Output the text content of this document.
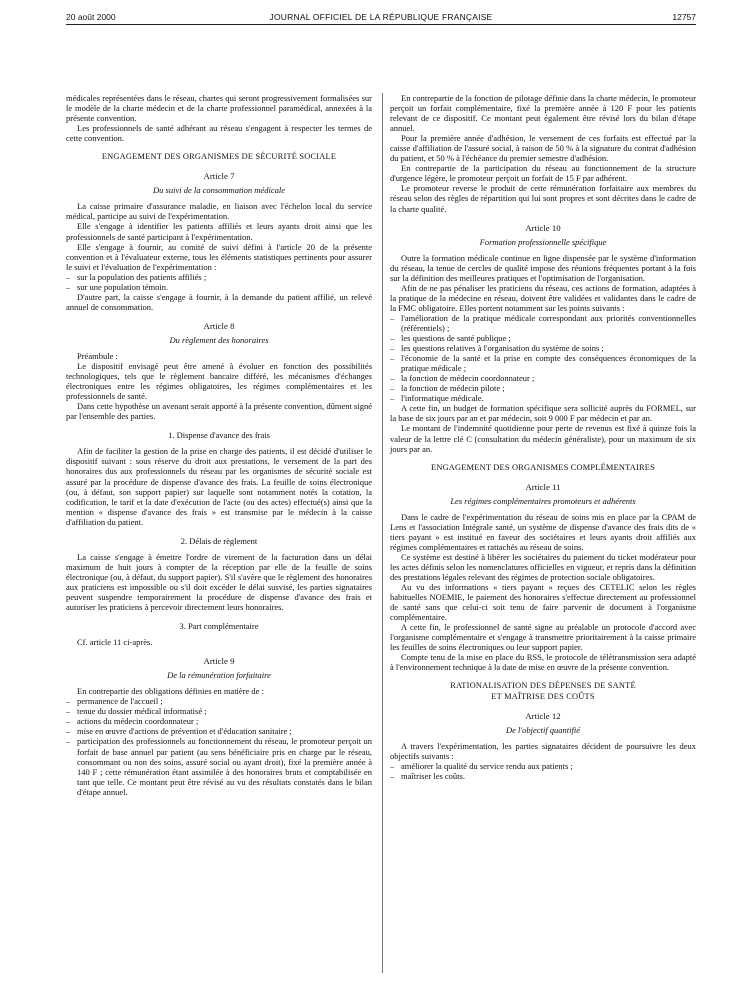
20 août 2000	JOURNAL OFFICIEL DE LA RÉPUBLIQUE FRANÇAISE	12757

médicales représentées dans le réseau, chartes qui seront progressivement formalisées sur le modèle de la charte médecin et de la charte professionnel paramédical, annexées à la présente convention.

Les professionnels de santé adhérant au réseau s'engagent à respecter les termes de cette convention.

ENGAGEMENT DES ORGANISMES DE SÉCURITÉ SOCIALE
Article 7
Du suivi de la consommation médicale

La caisse primaire d'assurance maladie, en liaison avec l'échelon local du service médical, participe au suivi de l'expérimentation.

Elle s'engage à identifier les patients affiliés et leurs ayants droit ainsi que les professionnels de santé participant à l'expérimentation.

Elle s'engage à fournir, au comité de suivi défini à l'article 20 de la présente convention et à l'évaluateur externe, tous les éléments statistiques pertinents pour assurer le suivi et l'évaluation de l'expérimentation :

– sur la population des patients affiliés ;
– sur une population témoin.

D'autre part, la caisse s'engage à fournir, à la demande du patient affilié, un relevé annuel de consommation.

Article 8
Du règlement des honoraires

Préambule :

Le dispositif envisagé peut être amené à évoluer en fonction des possibilités technologiques, tels que le règlement bancaire différé, les mécanismes d'échanges électroniques entre les régimes obligatoires, les régimes complémentaires et les professionnels de santé.

Dans cette hypothèse un avenant serait apporté à la présente convention, dûment signé par l'ensemble des parties.

1. Dispense d'avance des frais

Afin de faciliter la gestion de la prise en charge des patients, il est décidé d'utiliser le dispositif suivant : sous réserve du droit aux prestations, le versement de la part des honoraires dus aux professionnels du réseau par les organismes de sécurité sociale est assuré par la procédure de dispense d'avance des frais. La feuille de soins électronique (ou, à défaut, son support papier) sur laquelle sont notamment notés la cotation, la codification, le tarif et la date d'exécution de l'acte (ou des actes) effectué(s) ainsi que la mention « dispense d'avance des frais » est transmise par le médecin à la caisse d'affiliation du patient.

2. Délais de règlement

La caisse s'engage à émettre l'ordre de virement de la facturation dans un délai maximum de huit jours à compter de la réception par elle de la feuille de soins électronique (ou, à défaut, du support papier). S'il s'avère que le règlement des honoraires aux praticiens est impossible ou s'il doit excéder le délai susvisé, les parties signataires peuvent suspendre temporairement la procédure de dispense d'avance des frais et autoriser les praticiens à percevoir directement leurs honoraires.

3. Part complémentaire

Cf. article 11 ci-après.

Article 9
De la rémunération forfaitaire

En contrepartie des obligations définies en matière de :

– permanence de l'accueil ;
– tenue du dossier médical informatisé ;
– actions du médecin coordonnateur ;
– mise en œuvre d'actions de prévention et d'éducation sanitaire ;
– participation des professionnels au fonctionnement du réseau, le promoteur perçoit un forfait de base annuel par patient (au sens bénéficiaire pris en charge par le réseau, consommant ou non des soins, assuré social ou ayant droit), fixé la première année à 140 F ; cette rémunération étant assimilée à des honoraires bruts et comptabilisée en tant que telle. Ce montant peut être révisé au vu des résultats constatés dans le bilan d'étape annuel.

En contrepartie de la fonction de pilotage définie dans la charte médecin, le promoteur perçoit un forfait complémentaire, fixé la première année à 120 F pour les patients relevant de ce dispositif. Ce montant peut également être révisé lors du bilan d'étape annuel.

Pour la première année d'adhésion, le versement de ces forfaits est effectué par la caisse d'affiliation de l'assuré social, à raison de 50 % à la signature du contrat d'adhésion du patient, et 50 % à l'échéance du premier semestre d'adhésion.

En contrepartie de la participation du réseau au fonctionnement de la structure d'urgence légère, le promoteur perçoit un forfait de 15 F par adhérent.

Le promoteur reverse le produit de cette rémunération forfaitaire aux membres du réseau selon des règles de répartition qui lui sont propres et sont décrites dans le cadre de la charte qualité.

Article 10
Formation professionnelle spécifique

Outre la formation médicale continue en ligne dispensée par le système d'information du réseau, la tenue de cercles de qualité impose des réunions fréquentes portant à la fois sur la définition des meilleures pratiques et l'optimisation de l'organisation.

Afin de ne pas pénaliser les praticiens du réseau, ces actions de formation, adaptées à la pratique de la médecine en réseau, doivent être validées et validantes dans le cadre de la FMC obligatoire. Elles portent notamment sur les points suivants :

– l'amélioration de la pratique médicale correspondant aux priorités conventionnelles (référentiels) ;
– les questions de santé publique ;
– les questions relatives à l'organisation du système de soins ;
– l'économie de la santé et la prise en compte des conséquences économiques de la pratique médicale ;
– la fonction de médecin coordonnateur ;
– la fonction de médecin pilote ;
– l'informatique médicale.

A cette fin, un budget de formation spécifique sera sollicité auprès du FORMEL, sur la base de six jours par an et par médecin, soit 9 000 F par médecin et par an.

Le montant de l'indemnité quotidienne pour perte de revenus est fixé à quinze fois la valeur de la lettre clé C (consultation du médecin généraliste), pour un maximum de six jours par an.

ENGAGEMENT DES ORGANISMES COMPLÉMENTAIRES
Article 11
Les régimes complémentaires promoteurs et adhérents

Dans le cadre de l'expérimentation du réseau de soins mis en place par la CPAM de Lens et l'association Intégrale santé, un système de dispense d'avance des frais dits de « tiers payant » est institué en faveur des sociétaires et leurs ayants droit affiliés aux régimes complémentaires et rattachés au réseau de soins.

Ce système est destiné à libérer les sociétaires du paiement du ticket modérateur pour les actes définis selon les nomenclatures officielles en vigueur, et repris dans la définition des prestations légales relevant des régimes de protection sociale obligatoires.

Au vu des informations « tiers payant » reçues des CETELIC selon les règles habituelles NOEMIE, le paiement des honoraires s'effectue directement au professionnel de santé sans que celui-ci soit tenu de faire parvenir de document à l'organisme complémentaire.

A cette fin, le professionnel de santé signe au préalable un protocole d'accord avec l'organisme complémentaire et s'engage à transmettre prioritairement à la caisse primaire les feuilles de soins électroniques ou leur support papier.

Compte tenu de la mise en place du RSS, le protocole de télétransmission sera adapté à l'environnement technique à la date de mise en œuvre de la présente convention.

RATIONALISATION DES DÉPENSES DE SANTÉ
ET MAÎTRISE DES COÛTS
Article 12
De l'objectif quantifié

A travers l'expérimentation, les parties signataires décident de poursuivre les deux objectifs suivants :

– améliorer la qualité du service rendu aux patients ;
– maîtriser les coûts.
